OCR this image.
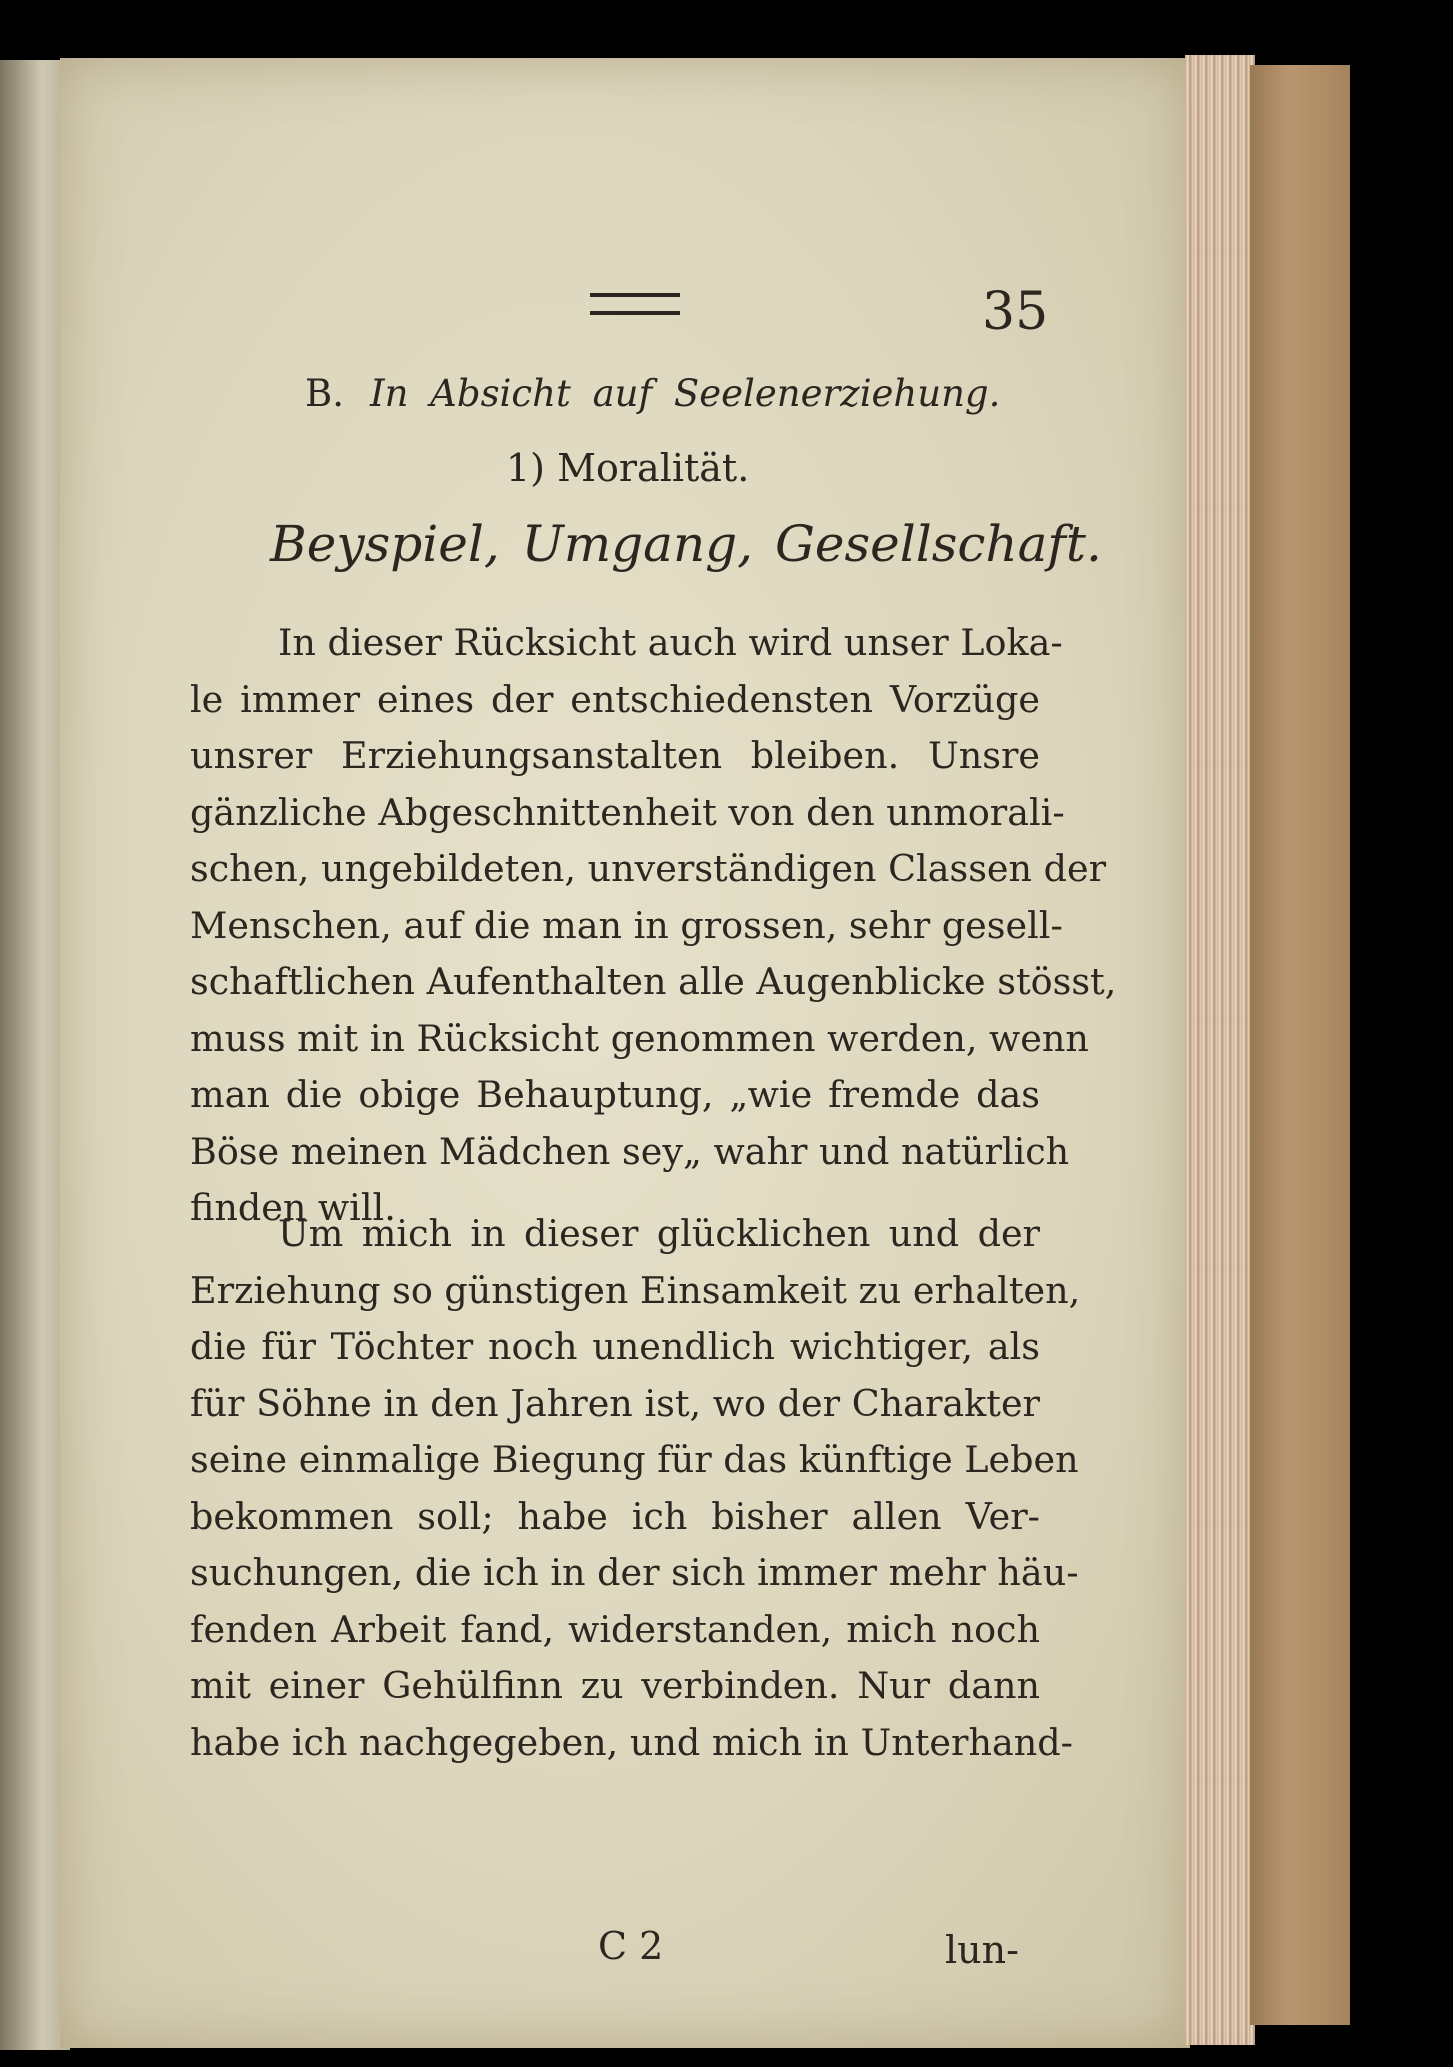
35
B. In Absicht auf Seelenerziehung.
1) Moralität.
Beyspiel, Umgang, Gesellschaft.
In dieser Rücksicht auch wird unser Loka-
le immer eines der entschiedensten Vorzüge
unsrer Erziehungsanstalten bleiben. Unsre
gänzliche Abgeschnittenheit von den unmorali-
schen, ungebildeten, unverständigen Classen der
Menschen, auf die man in grossen, sehr gesell-
schaftlichen Aufenthalten alle Augenblicke stösst,
muss mit in Rücksicht genommen werden, wenn
man die obige Behauptung, „wie fremde das
Böse meinen Mädchen sey„ wahr und natürlich
finden will.
Um mich in dieser glücklichen und der
Erziehung so günstigen Einsamkeit zu erhalten,
die für Töchter noch unendlich wichtiger, als
für Söhne in den Jahren ist, wo der Charakter
seine einmalige Biegung für das künftige Leben
bekommen soll; habe ich bisher allen Ver-
suchungen, die ich in der sich immer mehr häu-
fenden Arbeit fand, widerstanden, mich noch
mit einer Gehülfinn zu verbinden. Nur dann
habe ich nachgegeben, und mich in Unterhand-
C 2	lun-
